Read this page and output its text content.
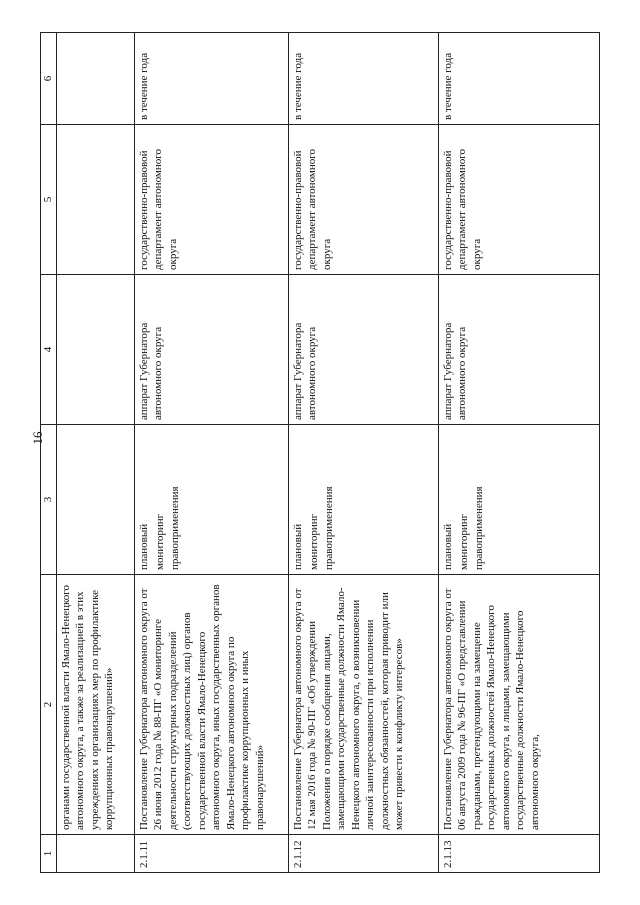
16
1	2	3	4	5	6
	органами государственной власти Ямало-Ненецкого автономного округа, а также за реализацией в этих учреждениях и организациях мер по профилактике коррупционных правонарушений»				
2.1.11	Постановление Губернатора автономного округа от 26 июня 2012 года № 88-ПГ «О мониторинге деятельности структурных подразделений (соответствующих должностных лиц) органов государственной власти Ямало-Ненецкого автономного округа, иных государственных органов Ямало-Ненецкого автономного округа по профилактике коррупционных и иных правонарушений»	плановый мониторинг правоприменения	аппарат Губернатора автономного округа	государственно-правовой департамент автономного округа	в течение года
2.1.12	Постановление Губернатора автономного округа от 12 мая 2016 года № 90-ПГ «Об утверждении Положения о порядке сообщения лицами, замещающими государственные должности Ямало-Ненецкого автономного округа, о возникновении личной заинтересованности при исполнении должностных обязанностей, которая приводит или может привести к конфликту интересов»	плановый мониторинг правоприменения	аппарат Губернатора автономного округа	государственно-правовой департамент автономного округа	в течение года
2.1.13	Постановление Губернатора автономного округа от 06 августа 2009 года № 96-ПГ «О представлении гражданами, претендующими на замещение государственных должностей Ямало-Ненецкого автономного округа, и лицами, замещающими государственные должности Ямало-Ненецкого автономного округа,	плановый мониторинг правоприменения	аппарат Губернатора автономного округа	государственно-правовой департамент автономного округа	в течение года
